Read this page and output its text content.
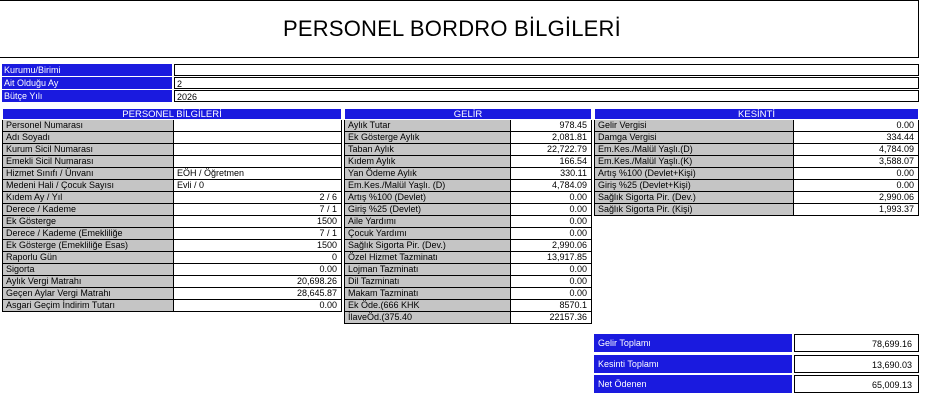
PERSONEL BORDRO BİLGİLERİ
Kurumu/Birimi
Ait Olduğu Ay	2
Bütçe Yılı	2026
PERSONEL BİLGİLERİ	GELİR	KESİNTİ
Personel Numarası
Adı Soyadı
Kurum Sicil Numarası
Emekli Sicil Numarası
Hizmet Sınıfı / Ünvanı	EÖH / Öğretmen
Medeni Hali / Çocuk Sayısı	Evli / 0
Kıdem Ay / Yıl	2 / 6
Derece / Kademe	7 / 1
Ek Gösterge	1500
Derece / Kademe (Emekliliğe	7 / 1
Ek Gösterge (Emekliliğe Esas)	1500
Raporlu Gün	0
Sigorta	0.00
Aylık Vergi Matrahı	20,698.26
Geçen Aylar Vergi Matrahı	28,645.87
Asgari Geçim İndirim Tutarı	0.00
Aylık Tutar	978.45
Ek Gösterge Aylık	2,081.81
Taban Aylık	22,722.79
Kıdem Aylık	166.54
Yan Ödeme Aylık	330.11
Em.Kes./Malül Yaşlı. (D)	4,784.09
Artış %100 (Devlet)	0.00
Giriş %25 (Devlet)	0.00
Aile Yardımı	0.00
Çocuk Yardımı	0.00
Sağlık Sigorta Pir. (Dev.)	2,990.06
Özel Hizmet Tazminatı	13,917.85
Lojman Tazminatı	0.00
Dil Tazminatı	0.00
Makam Tazminatı	0.00
Ek Öde.(666 KHK	8570.1
İlaveÖd.(375.40	22157.36
Gelir Vergisi	0.00
Damga Vergisi	334.44
Em.Kes./Malül Yaşlı.(D)	4,784.09
Em.Kes./Malül Yaşlı.(K)	3,588.07
Artış %100 (Devlet+Kişi)	0.00
Giriş %25 (Devlet+Kişi)	0.00
Sağlık Sigorta Pir. (Dev.)	2,990.06
Sağlık Sigorta Pir. (Kişi)	1,993.37
Gelir Toplamı	78,699.16
Kesinti Toplamı	13,690.03
Net Ödenen	65,009.13
